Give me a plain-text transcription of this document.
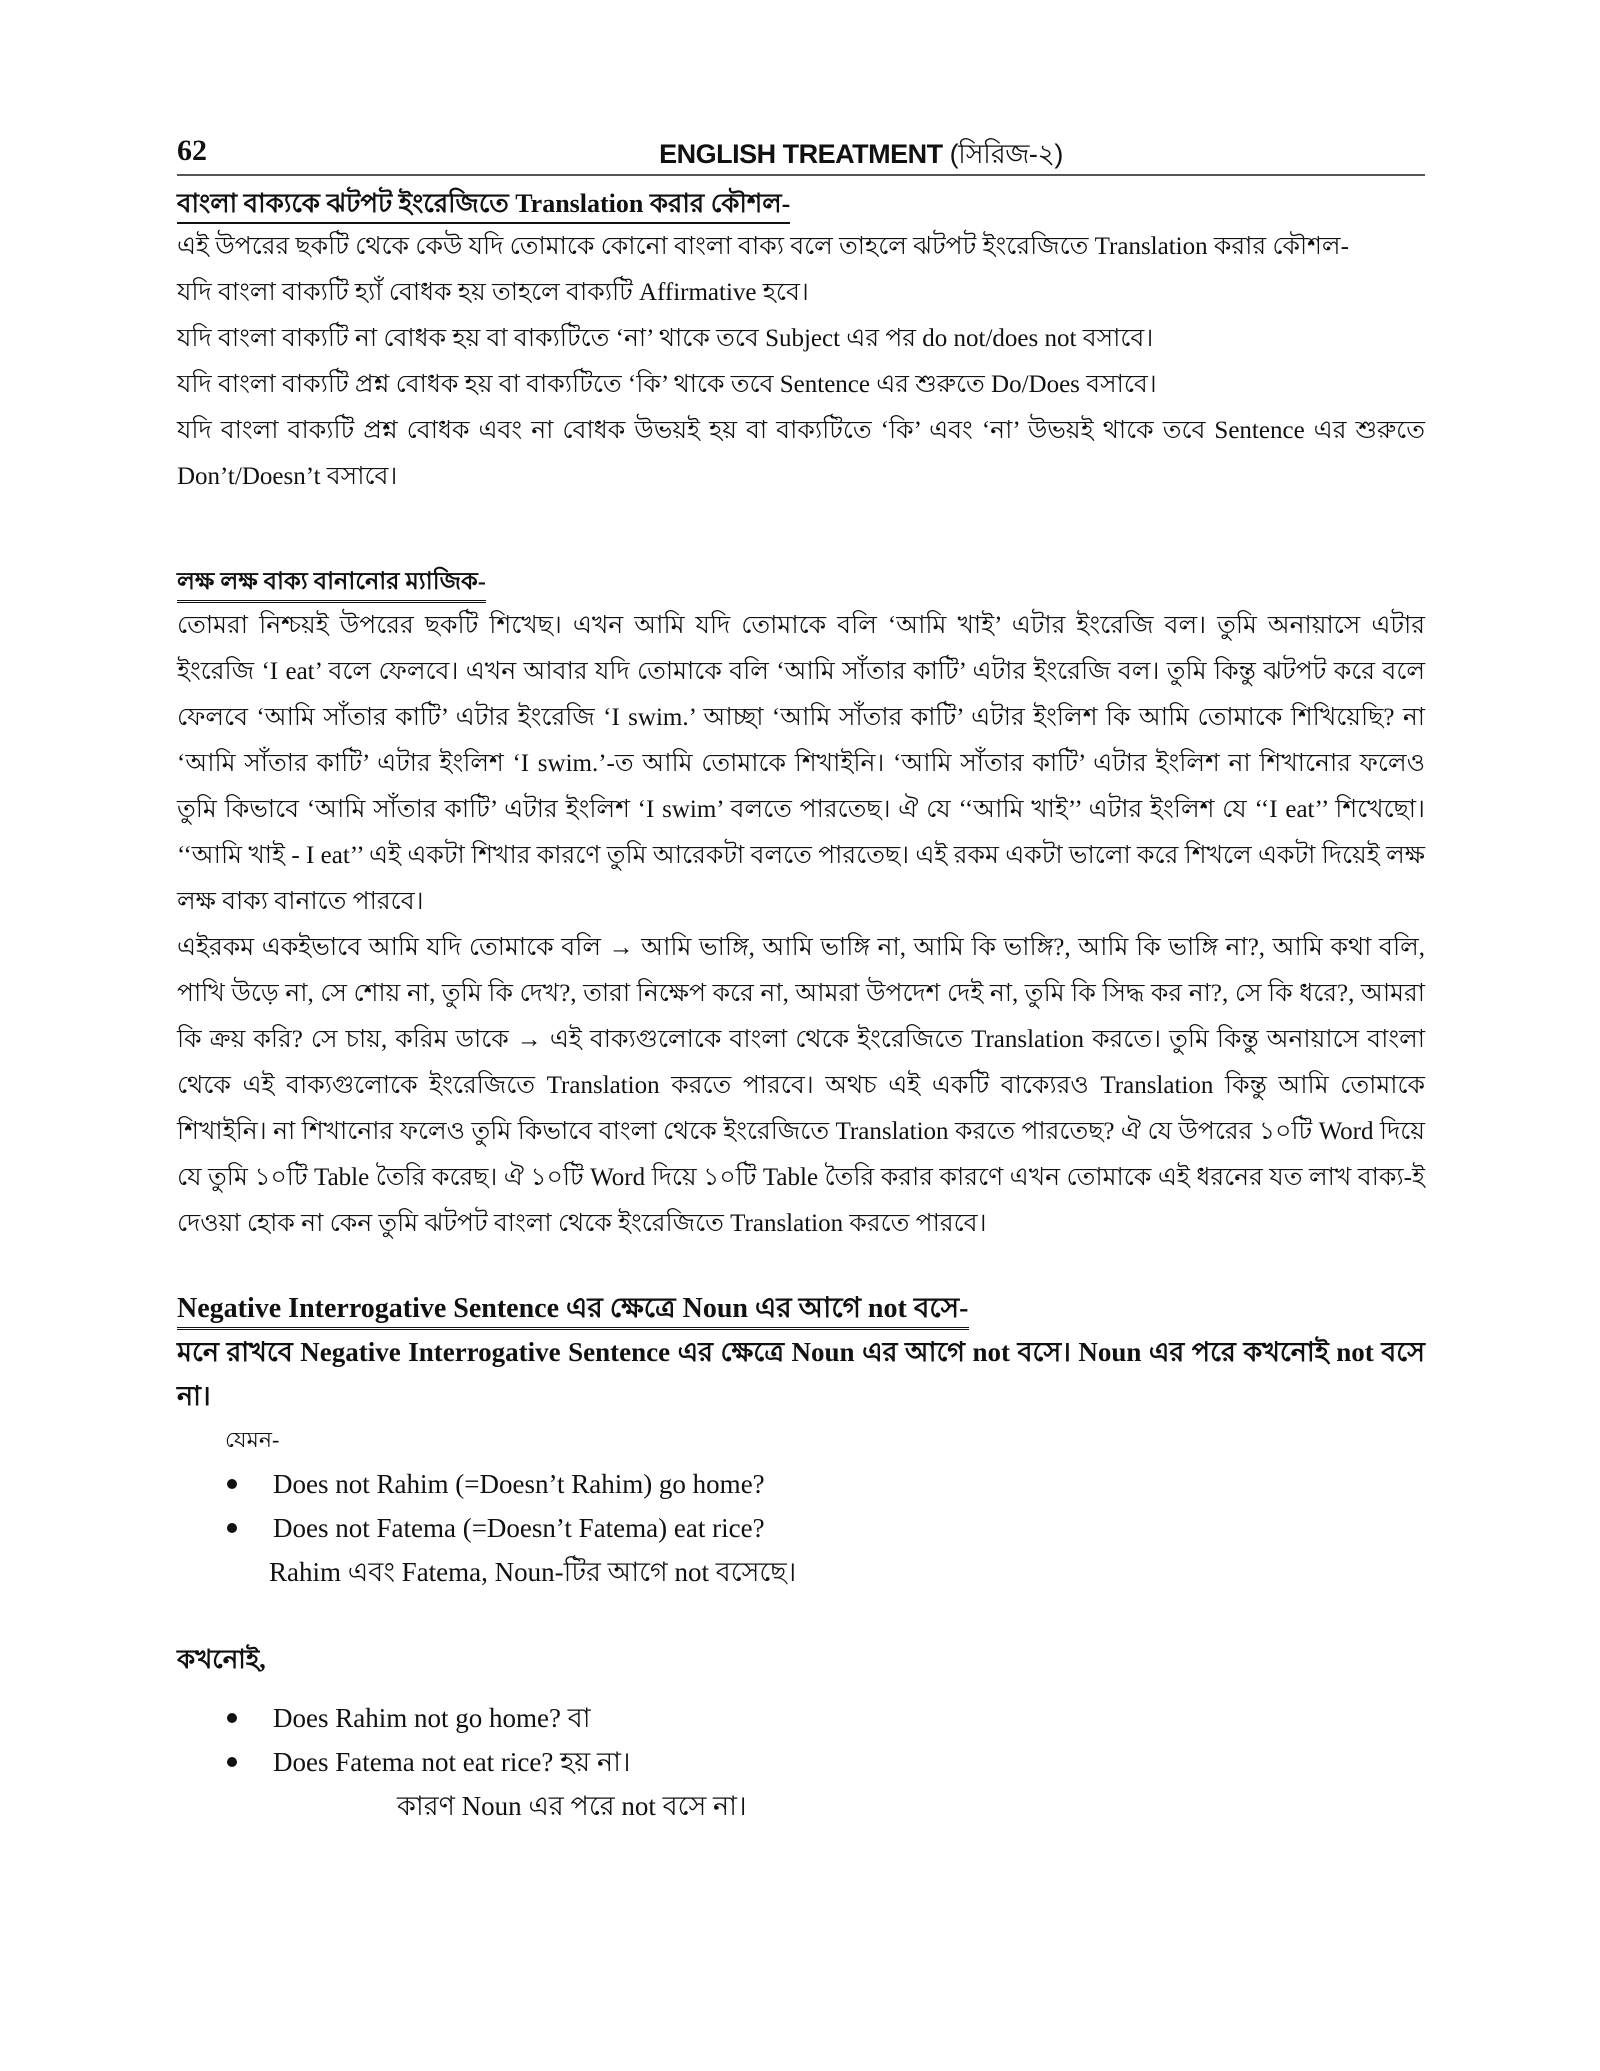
62	ENGLISH TREATMENT (সিরিজ-২)
বাংলা বাক্যকে ঝটপট ইংরেজিতে Translation করার কৌশল-
এই উপরের ছকটি থেকে কেউ যদি তোমাকে কোনো বাংলা বাক্য বলে তাহলে ঝটপট ইংরেজিতে Translation করার কৌশল-
যদি বাংলা বাক্যটি হ্যাঁ বোধক হয় তাহলে বাক্যটি Affirmative হবে।
যদি বাংলা বাক্যটি না বোধক হয় বা বাক্যটিতে ‘না’ থাকে তবে Subject এর পর do not/does not বসাবে।
যদি বাংলা বাক্যটি প্রশ্ন বোধক হয় বা বাক্যটিতে ‘কি’ থাকে তবে Sentence এর শুরুতে Do/Does বসাবে।
যদি বাংলা বাক্যটি প্রশ্ন বোধক এবং না বোধক উভয়ই হয় বা বাক্যটিতে ‘কি’ এবং ‘না’ উভয়ই থাকে তবে Sentence এর শুরুতে Don’t/Doesn’t বসাবে।
লক্ষ লক্ষ বাক্য বানানোর ম্যাজিক-

তোমরা নিশ্চয়ই উপরের ছকটি শিখেছ। এখন আমি যদি তোমাকে বলি ‘আমি খাই’ এটার ইংরেজি বল। তুমি অনায়াসে এটার ইংরেজি ‘I eat’ বলে ফেলবে। এখন আবার যদি তোমাকে বলি ‘আমি সাঁতার কাটি’ এটার ইংরেজি বল। তুমি কিন্তু ঝটপট করে বলে ফেলবে ‘আমি সাঁতার কাটি’ এটার ইংরেজি ‘I swim.’ আচ্ছা ‘আমি সাঁতার কাটি’ এটার ইংলিশ কি আমি তোমাকে শিখিয়েছি? না ‘আমি সাঁতার কাটি’ এটার ইংলিশ ‘I swim.’-ত আমি তোমাকে শিখাইনি। ‘আমি সাঁতার কাটি’ এটার ইংলিশ না শিখানোর ফলেও তুমি কিভাবে ‘আমি সাঁতার কাটি’ এটার ইংলিশ ‘I swim’ বলতে পারতেছ। ঐ যে ‘‘আমি খাই’’ এটার ইংলিশ যে ‘‘I eat’’ শিখেছো। ‘‘আমি খাই - I eat’’ এই একটা শিখার কারণে তুমি আরেকটা বলতে পারতেছ। এই রকম একটা ভালো করে শিখলে একটা দিয়েই লক্ষ লক্ষ বাক্য বানাতে পারবে।

এইরকম একইভাবে আমি যদি তোমাকে বলি → আমি ভাঙ্গি, আমি ভাঙ্গি না, আমি কি ভাঙ্গি?, আমি কি ভাঙ্গি না?, আমি কথা বলি, পাখি উড়ে না, সে শোয় না, তুমি কি দেখ?, তারা নিক্ষেপ করে না, আমরা উপদেশ দেই না, তুমি কি সিদ্ধ কর না?, সে কি ধরে?, আমরা কি ক্রয় করি? সে চায়, করিম ডাকে → এই বাক্যগুলোকে বাংলা থেকে ইংরেজিতে Translation করতে। তুমি কিন্তু অনায়াসে বাংলা থেকে এই বাক্যগুলোকে ইংরেজিতে Translation করতে পারবে। অথচ এই একটি বাক্যেরও Translation কিন্তু আমি তোমাকে শিখাইনি। না শিখানোর ফলেও তুমি কিভাবে বাংলা থেকে ইংরেজিতে Translation করতে পারতেছ? ঐ যে উপরের ১০টি Word দিয়ে যে তুমি ১০টি Table তৈরি করেছ। ঐ ১০টি Word দিয়ে ১০টি Table তৈরি করার কারণে এখন তোমাকে এই ধরনের যত লাখ বাক্য-ই দেওয়া হোক না কেন তুমি ঝটপট বাংলা থেকে ইংরেজিতে Translation করতে পারবে।

Negative Interrogative Sentence এর ক্ষেত্রে Noun এর আগে not বসে-

মনে রাখবে Negative Interrogative Sentence এর ক্ষেত্রে Noun এর আগে not বসে। Noun এর পরে কখনোই not বসে না।

যেমন-
Does not Rahim (=Doesn’t Rahim) go home?
Does not Fatema (=Doesn’t Fatema) eat rice?
Rahim এবং Fatema, Noun-টির আগে not বসেছে।
কখনোই,
Does Rahim not go home? বা
Does Fatema not eat rice? হয় না।
কারণ Noun এর পরে not বসে না।
